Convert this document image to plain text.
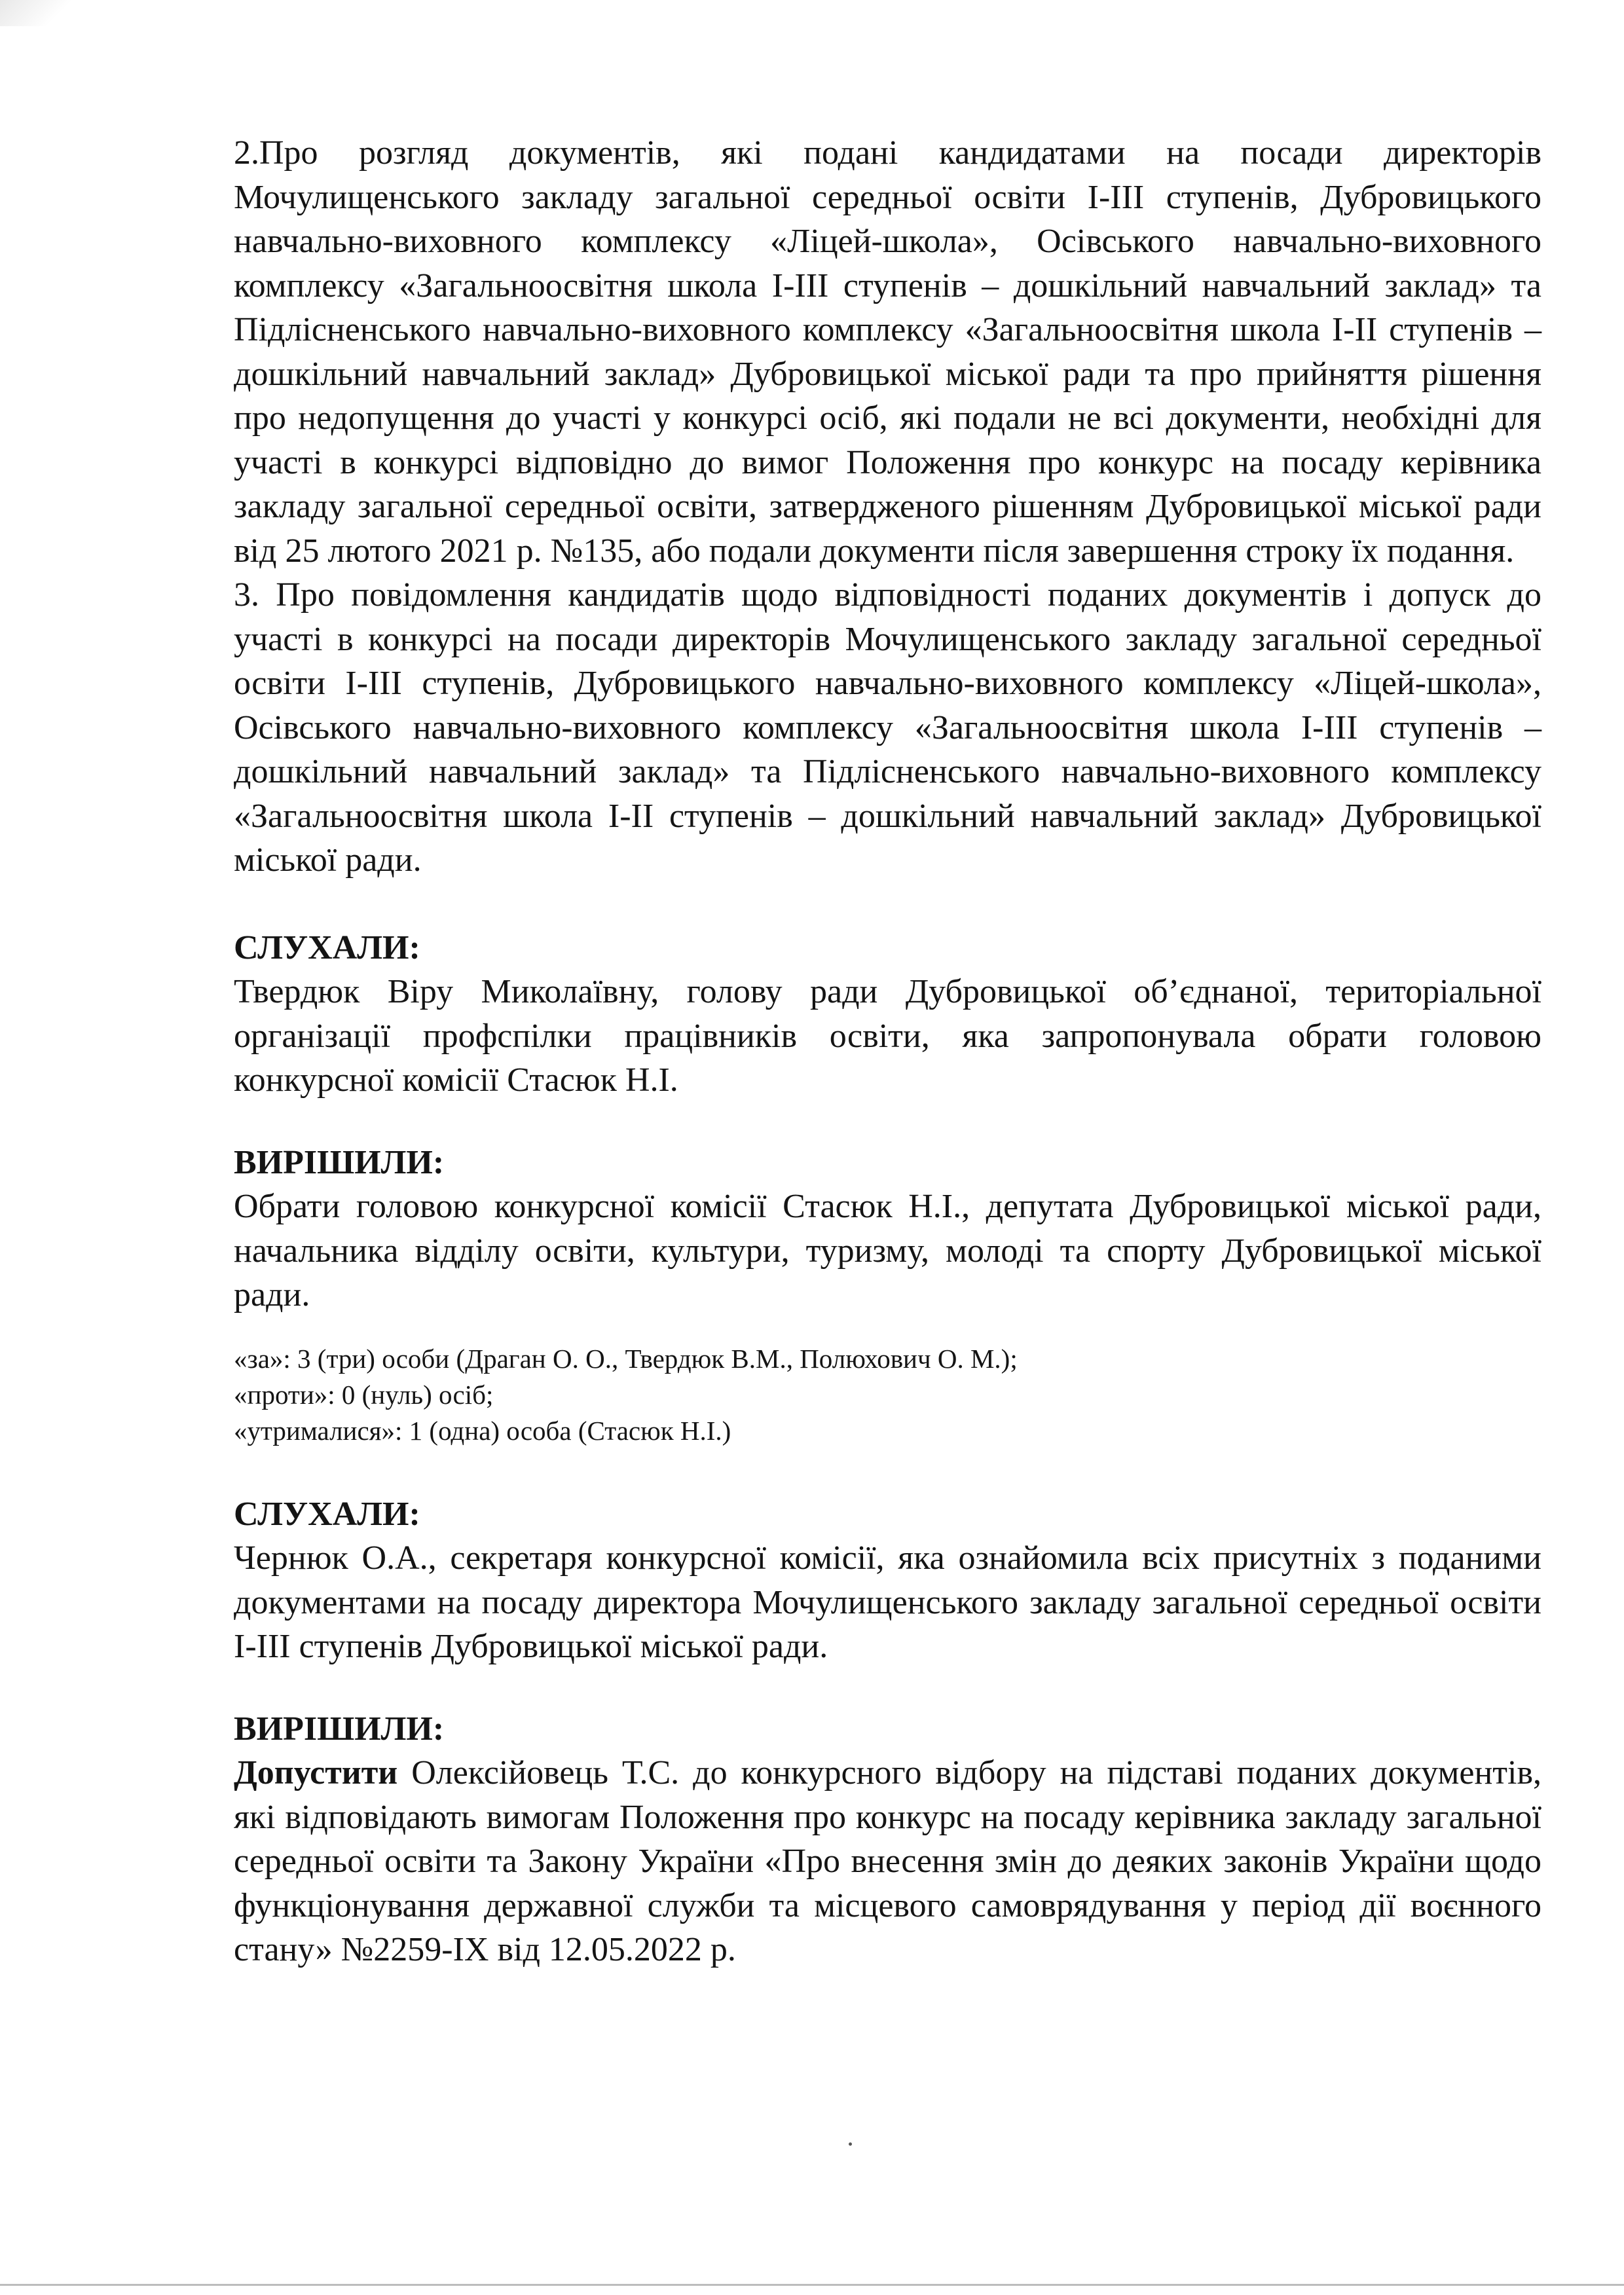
2.Про розгляд документів, які подані кандидатами на посади директорів Мочулищенського закладу загальної середньої освіти І-ІІІ ступенів, Дубровицького навчально-виховного комплексу «Ліцей-школа», Осівського навчально-виховного комплексу «Загальноосвітня школа І-ІІІ ступенів – дошкільний навчальний заклад» та Підлісненського навчально-виховного комплексу «Загальноосвітня школа І-ІІ ступенів – дошкільний навчальний заклад» Дубровицької міської ради та про прийняття рішення про недопущення до участі у конкурсі осіб, які подали не всі документи, необхідні для участі в конкурсі відповідно до вимог Положення про конкурс на посаду керівника закладу загальної середньої освіти, затвердженого рішенням Дубровицької міської ради від 25 лютого 2021 р. №135, або подали документи після завершення строку їх подання.

3. Про повідомлення кандидатів щодо відповідності поданих документів і допуск до участі в конкурсі на посади директорів Мочулищенського закладу загальної середньої освіти І-ІІІ ступенів, Дубровицького навчально-виховного комплексу «Ліцей-школа», Осівського навчально-виховного комплексу «Загальноосвітня школа І-ІІІ ступенів – дошкільний навчальний заклад» та Підлісненського навчально-виховного комплексу «Загальноосвітня школа І-ІІ ступенів – дошкільний навчальний заклад» Дубровицької міської ради.

СЛУХАЛИ:

Твердюк Віру Миколаївну, голову ради Дубровицької об’єднаної, територіальної організації профспілки працівників освіти, яка запропонувала обрати головою конкурсної комісії Стасюк Н.І.

ВИРІШИЛИ:

Обрати головою конкурсної комісії Стасюк Н.І., депутата Дубровицької міської ради, начальника відділу освіти, культури, туризму, молоді та спорту Дубровицької міської ради.

«за»: 3 (три) особи (Драган О. О., Твердюк В.М., Полюхович О. М.);

«проти»: 0 (нуль) осіб;

«утрималися»: 1 (одна) особа (Стасюк Н.І.)

СЛУХАЛИ:

Чернюк О.А., секретаря конкурсної комісії, яка ознайомила всіх присутніх з поданими документами на посаду директора Мочулищенського закладу загальної середньої освіти І-ІІІ ступенів Дубровицької міської ради.

ВИРІШИЛИ:

Допустити Олексійовець Т.С. до конкурсного відбору на підставі поданих документів, які відповідають вимогам Положення про конкурс на посаду керівника закладу загальної середньої освіти та Закону України «Про внесення змін до деяких законів України щодо функціонування державної служби та місцевого самоврядування у період дії воєнного стану» №2259-ІХ від 12.05.2022 р.
